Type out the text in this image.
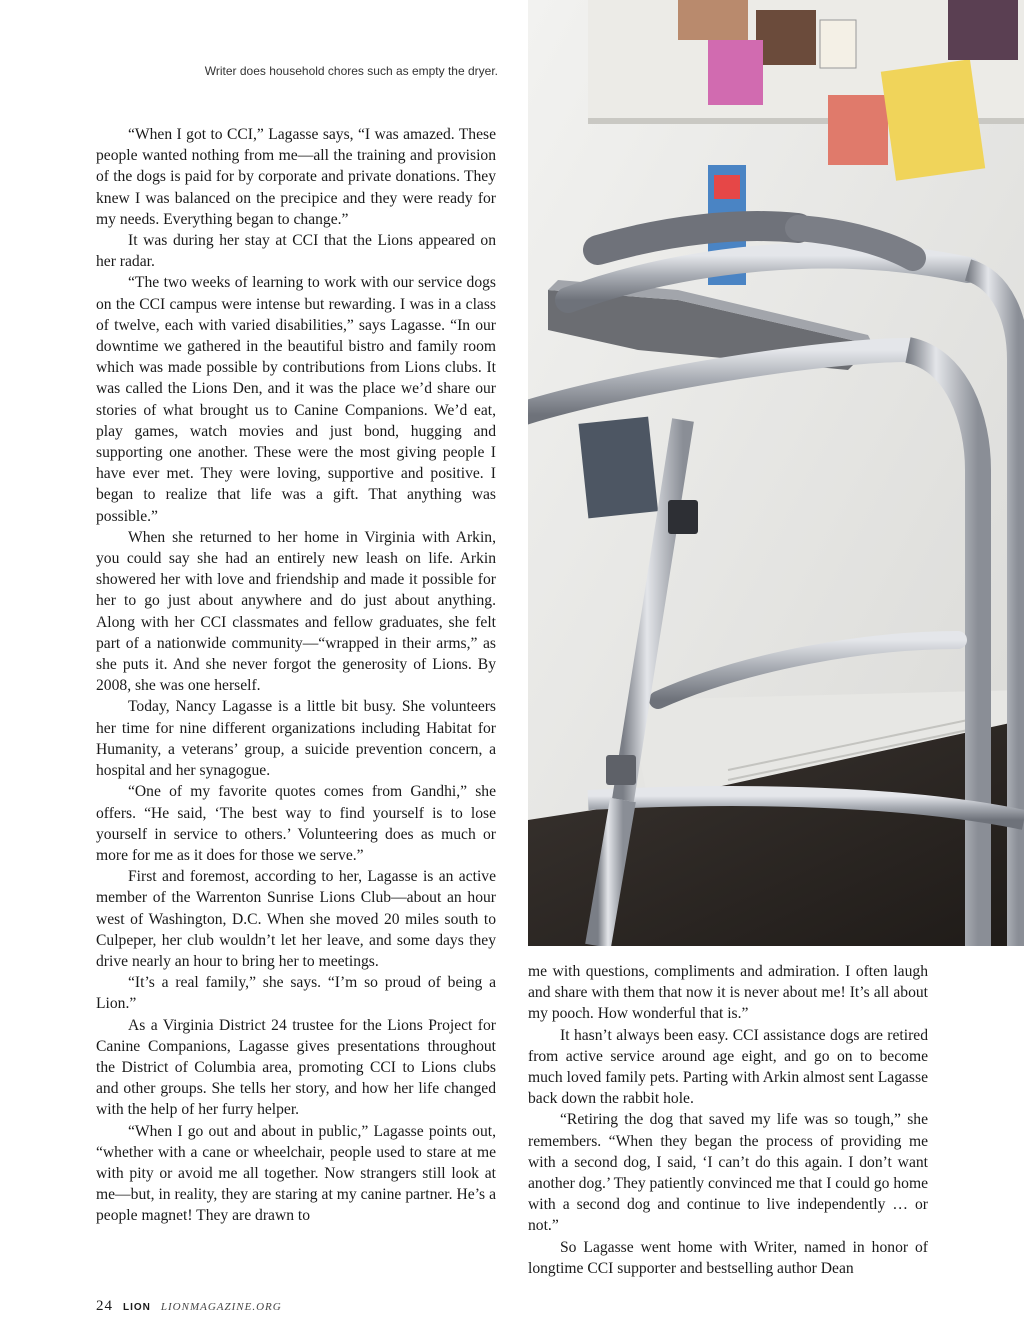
Writer does household chores such as empty the dryer.

“When I got to CCI,” Lagasse says, “I was amazed. These people wanted nothing from me—all the training and provision of the dogs is paid for by corporate and private donations. They knew I was balanced on the precipice and they were ready for my needs. Everything began to change.”

It was during her stay at CCI that the Lions appeared on her radar.

“The two weeks of learning to work with our service dogs on the CCI campus were intense but rewarding. I was in a class of twelve, each with varied disabilities,” says Lagasse. “In our downtime we gathered in the beautiful bistro and family room which was made possible by contributions from Lions clubs. It was called the Lions Den, and it was the place we’d share our stories of what brought us to Canine Companions. We’d eat, play games, watch movies and just bond, hugging and supporting one another. These were the most giving people I have ever met. They were loving, supportive and positive. I began to realize that life was a gift. That anything was possible.”

When she returned to her home in Virginia with Arkin, you could say she had an entirely new leash on life. Arkin showered her with love and friendship and made it possible for her to go just about anywhere and do just about anything. Along with her CCI classmates and fellow graduates, she felt part of a nationwide community—“wrapped in their arms,” as she puts it. And she never forgot the generosity of Lions. By 2008, she was one herself.

Today, Nancy Lagasse is a little bit busy. She volunteers her time for nine different organizations including Habitat for Humanity, a veterans’ group, a suicide prevention concern, a hospital and her synagogue.

“One of my favorite quotes comes from Gandhi,” she offers. “He said, ‘The best way to find yourself is to lose yourself in service to others.’ Volunteering does as much or more for me as it does for those we serve.”

First and foremost, according to her, Lagasse is an active member of the Warrenton Sunrise Lions Club—about an hour west of Washington, D.C. When she moved 20 miles south to Culpeper, her club wouldn’t let her leave, and some days they drive nearly an hour to bring her to meetings.

“It’s a real family,” she says. “I’m so proud of being a Lion.”

As a Virginia District 24 trustee for the Lions Project for Canine Companions, Lagasse gives presentations throughout the District of Columbia area, promoting CCI to Lions clubs and other groups. She tells her story, and how her life changed with the help of her furry helper.

“When I go out and about in public,” Lagasse points out, “whether with a cane or wheelchair, people used to stare at me with pity or avoid me all together. Now strangers still look at me—but, in reality, they are staring at my canine partner. He’s a people magnet! They are drawn to

me with questions, compliments and admiration. I often laugh and share with them that now it is never about me! It’s all about my pooch. How wonderful that is.”

It hasn’t always been easy. CCI assistance dogs are retired from active service around age eight, and go on to become much loved family pets. Parting with Arkin almost sent Lagasse back down the rabbit hole.

“Retiring the dog that saved my life was so tough,” she remembers. “When they began the process of providing me with a second dog, I said, ‘I can’t do this again. I don’t want another dog.’ They patiently convinced me that I could go home with a second dog and continue to live independently … or not.”

So Lagasse went home with Writer, named in honor of longtime CCI supporter and bestselling author Dean

24 LION LIONMAGAZINE.ORG
